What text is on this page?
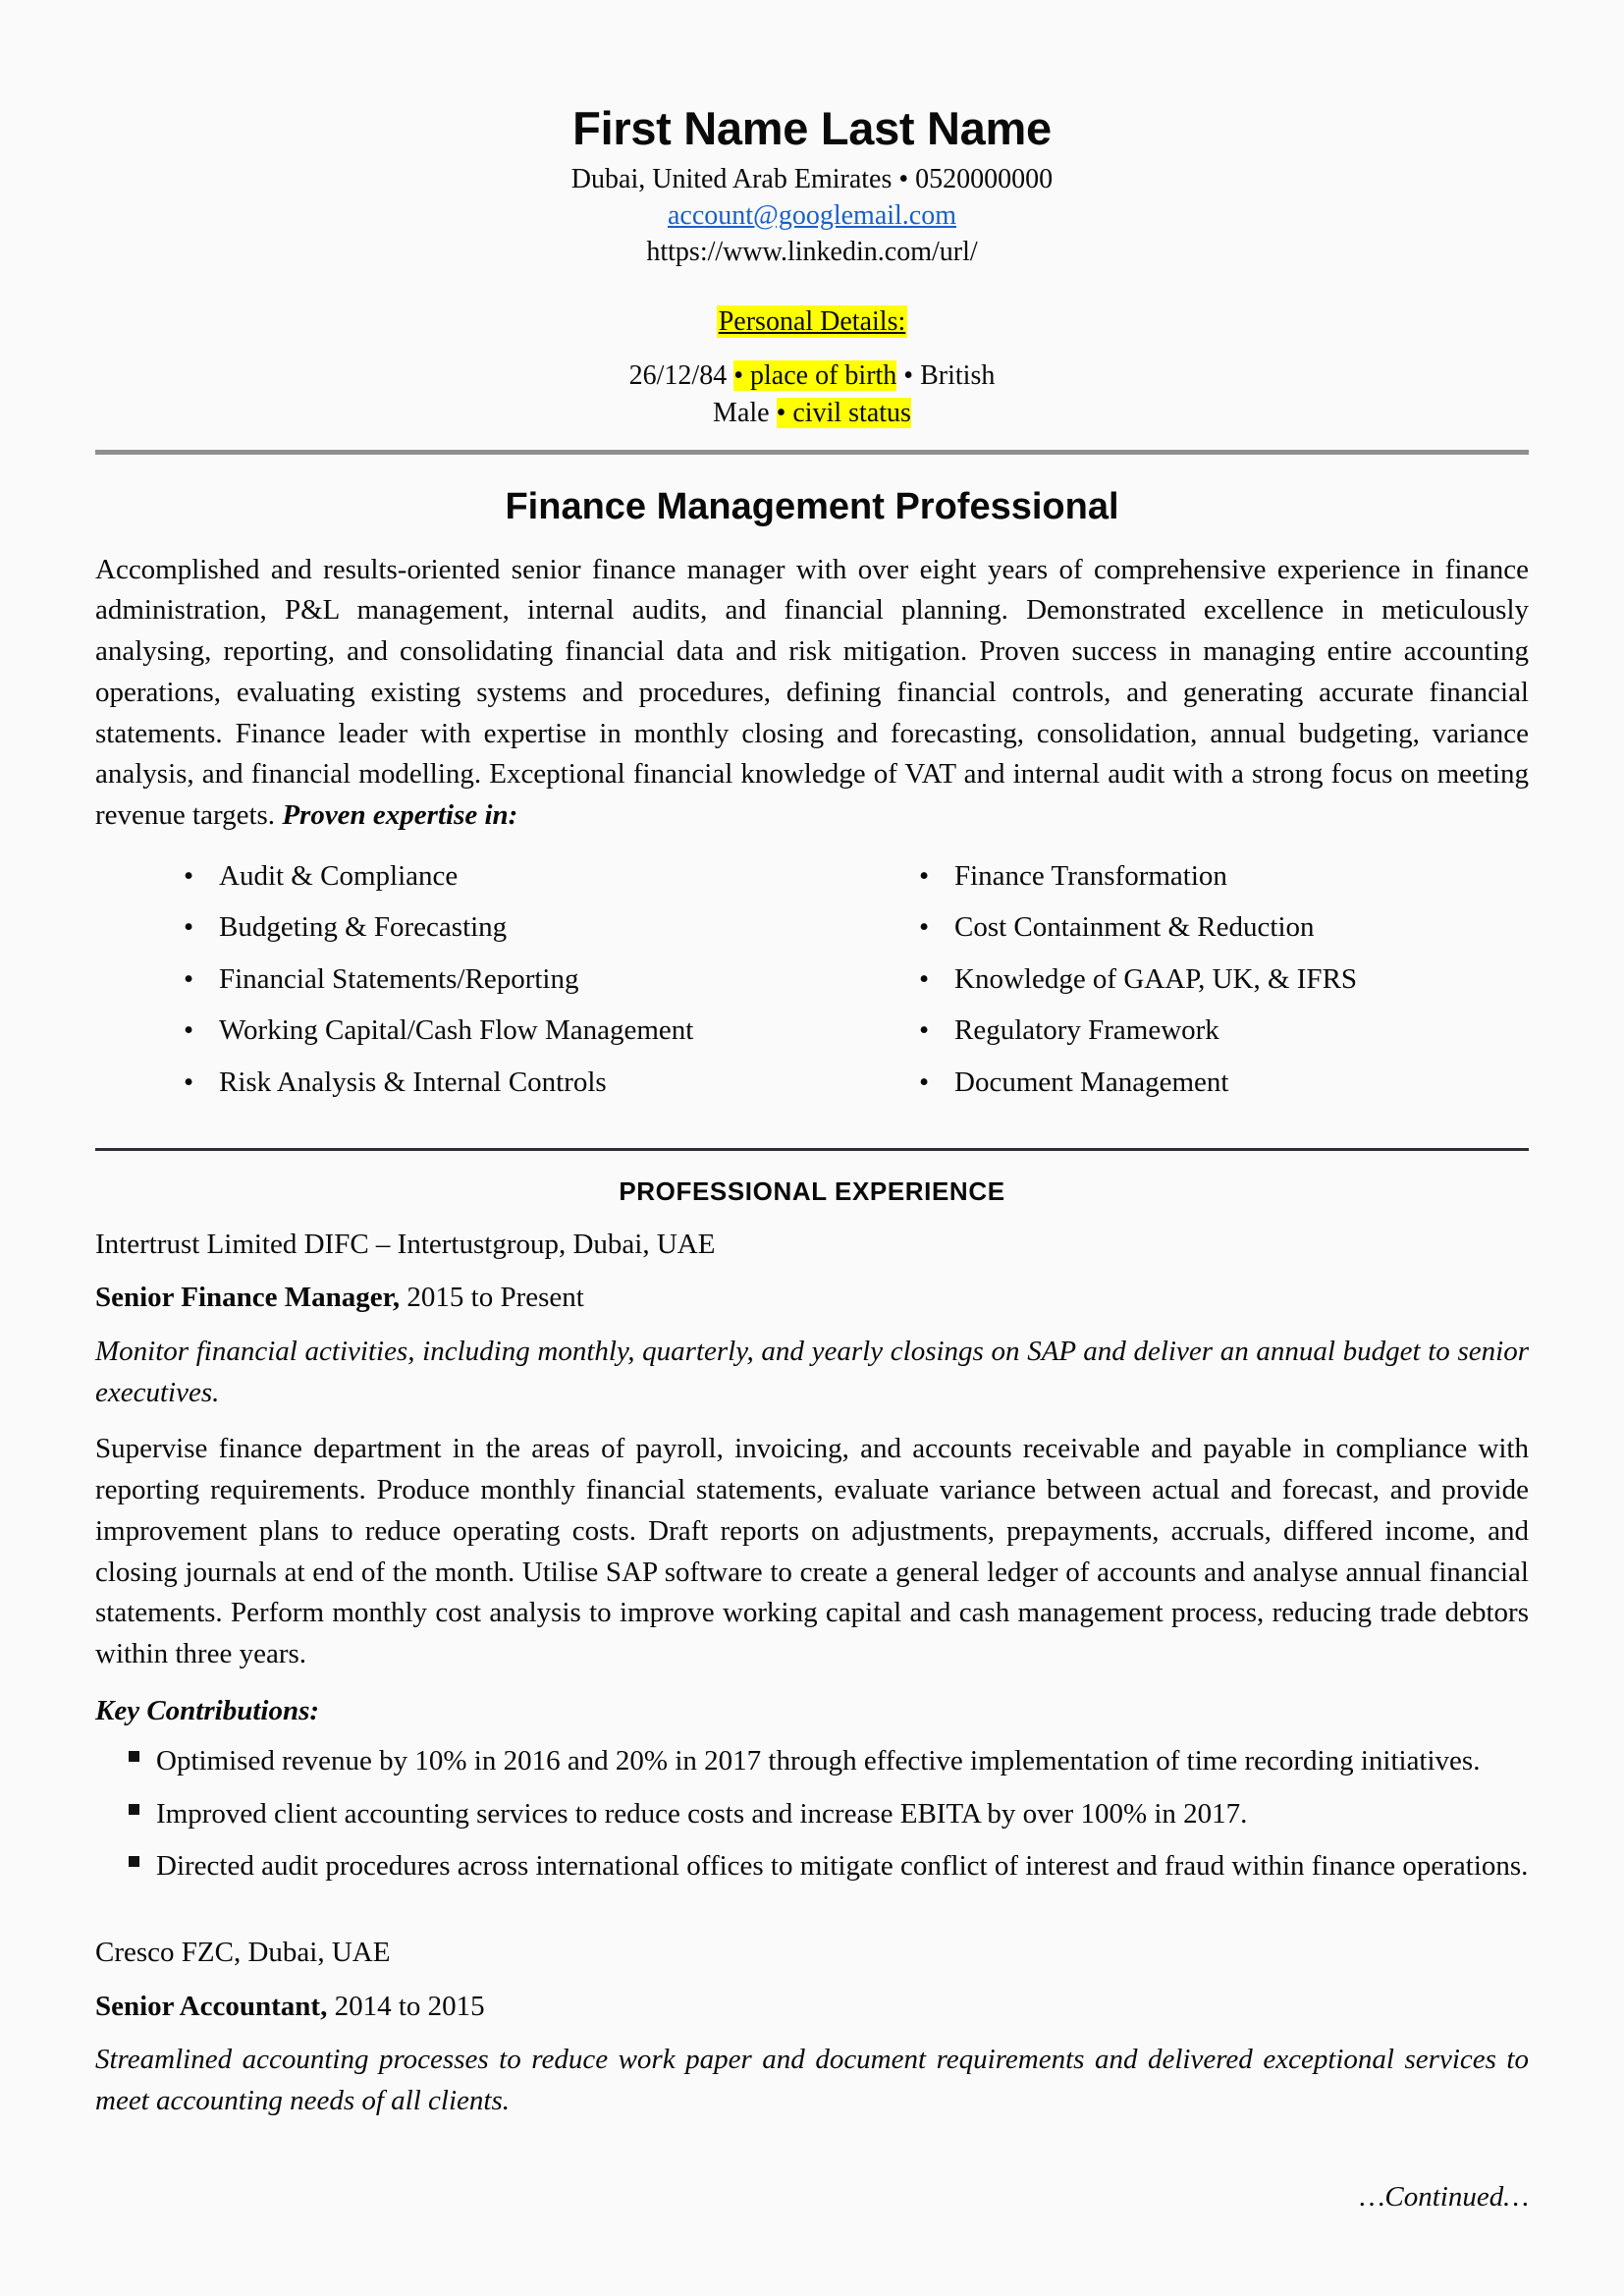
First Name Last Name
Dubai, United Arab Emirates • 0520000000
account@googlemail.com
https://www.linkedin.com/url/
Personal Details:
26/12/84 • place of birth • British
Male • civil status
Finance Management Professional
Accomplished and results-oriented senior finance manager with over eight years of comprehensive experience in finance administration, P&L management, internal audits, and financial planning. Demonstrated excellence in meticulously analysing, reporting, and consolidating financial data and risk mitigation. Proven success in managing entire accounting operations, evaluating existing systems and procedures, defining financial controls, and generating accurate financial statements. Finance leader with expertise in monthly closing and forecasting, consolidation, annual budgeting, variance analysis, and financial modelling. Exceptional financial knowledge of VAT and internal audit with a strong focus on meeting revenue targets. Proven expertise in:
• Audit & Compliance
• Budgeting & Forecasting
• Financial Statements/Reporting
• Working Capital/Cash Flow Management
• Risk Analysis & Internal Controls
• Finance Transformation
• Cost Containment & Reduction
• Knowledge of GAAP, UK, & IFRS
• Regulatory Framework
• Document Management
PROFESSIONAL EXPERIENCE
Intertrust Limited DIFC – Intertustgroup, Dubai, UAE
Senior Finance Manager, 2015 to Present
Monitor financial activities, including monthly, quarterly, and yearly closings on SAP and deliver an annual budget to senior executives.
Supervise finance department in the areas of payroll, invoicing, and accounts receivable and payable in compliance with reporting requirements. Produce monthly financial statements, evaluate variance between actual and forecast, and provide improvement plans to reduce operating costs. Draft reports on adjustments, prepayments, accruals, differed income, and closing journals at end of the month. Utilise SAP software to create a general ledger of accounts and analyse annual financial statements. Perform monthly cost analysis to improve working capital and cash management process, reducing trade debtors within three years.
Key Contributions:
Optimised revenue by 10% in 2016 and 20% in 2017 through effective implementation of time recording initiatives.
Improved client accounting services to reduce costs and increase EBITA by over 100% in 2017.
Directed audit procedures across international offices to mitigate conflict of interest and fraud within finance operations.
Cresco FZC, Dubai, UAE
Senior Accountant, 2014 to 2015
Streamlined accounting processes to reduce work paper and document requirements and delivered exceptional services to meet accounting needs of all clients.
…Continued…
